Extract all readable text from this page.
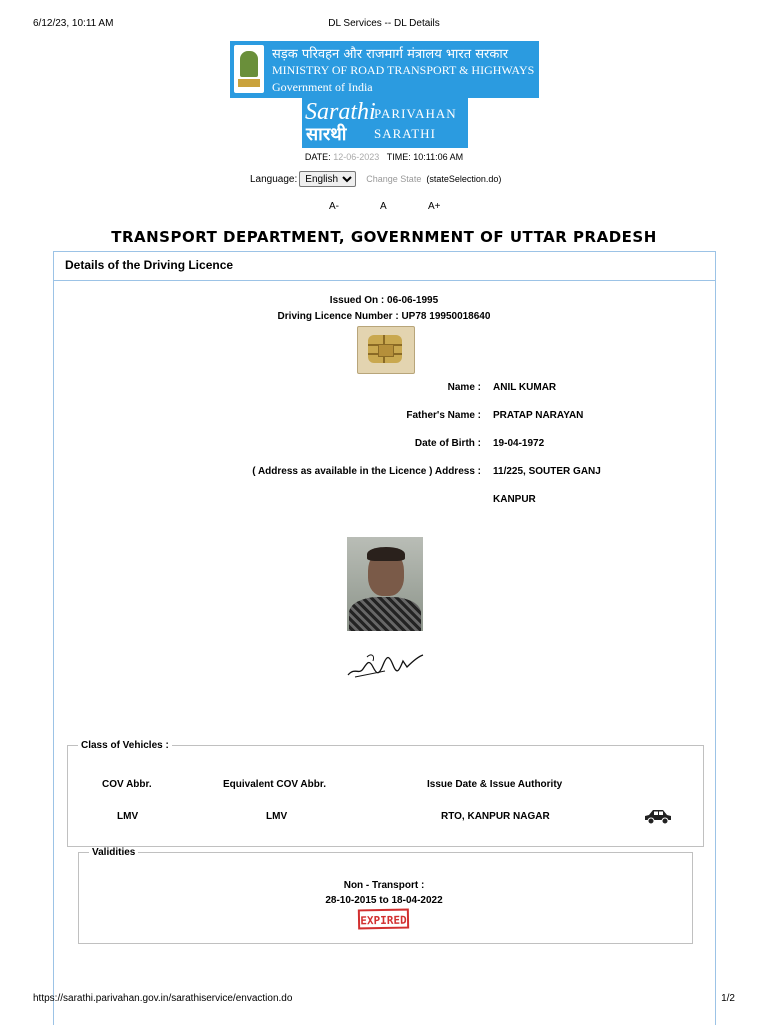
6/12/23, 10:11 AM	DL Services -- DL Details
सड़क परिवहन और राजमार्ग मंत्रालय भारत सरकार
MINISTRY OF ROAD TRANSPORT & HIGHWAYS
Government of India
Sarathi
सारथी
PARIVAHAN
SARATHI
DATE: 12-06-2023 TIME: 10:11:06 AM
Language:
English	Change State (stateSelection.do)
A-	A	A+
TRANSPORT DEPARTMENT, GOVERNMENT OF UTTAR PRADESH
Details of the Driving Licence
Issued On : 06-06-1995
Driving Licence Number : UP78 19950018640
Name : ANIL KUMAR
Father's Name : PRATAP NARAYAN
Date of Birth : 19-04-1972
( Address as available in the Licence ) Address : 11/225, SOUTER GANJ
KANPUR
Class of Vehicles :
COV Abbr.	Equivalent COV Abbr.	Issue Date & Issue Authority
LMV	LMV	RTO, KANPUR NAGAR
Validities
Non - Transport :
28-10-2015 to 18-04-2022
EXPIRED
https://sarathi.parivahan.gov.in/sarathiservice/envaction.do	1/2
